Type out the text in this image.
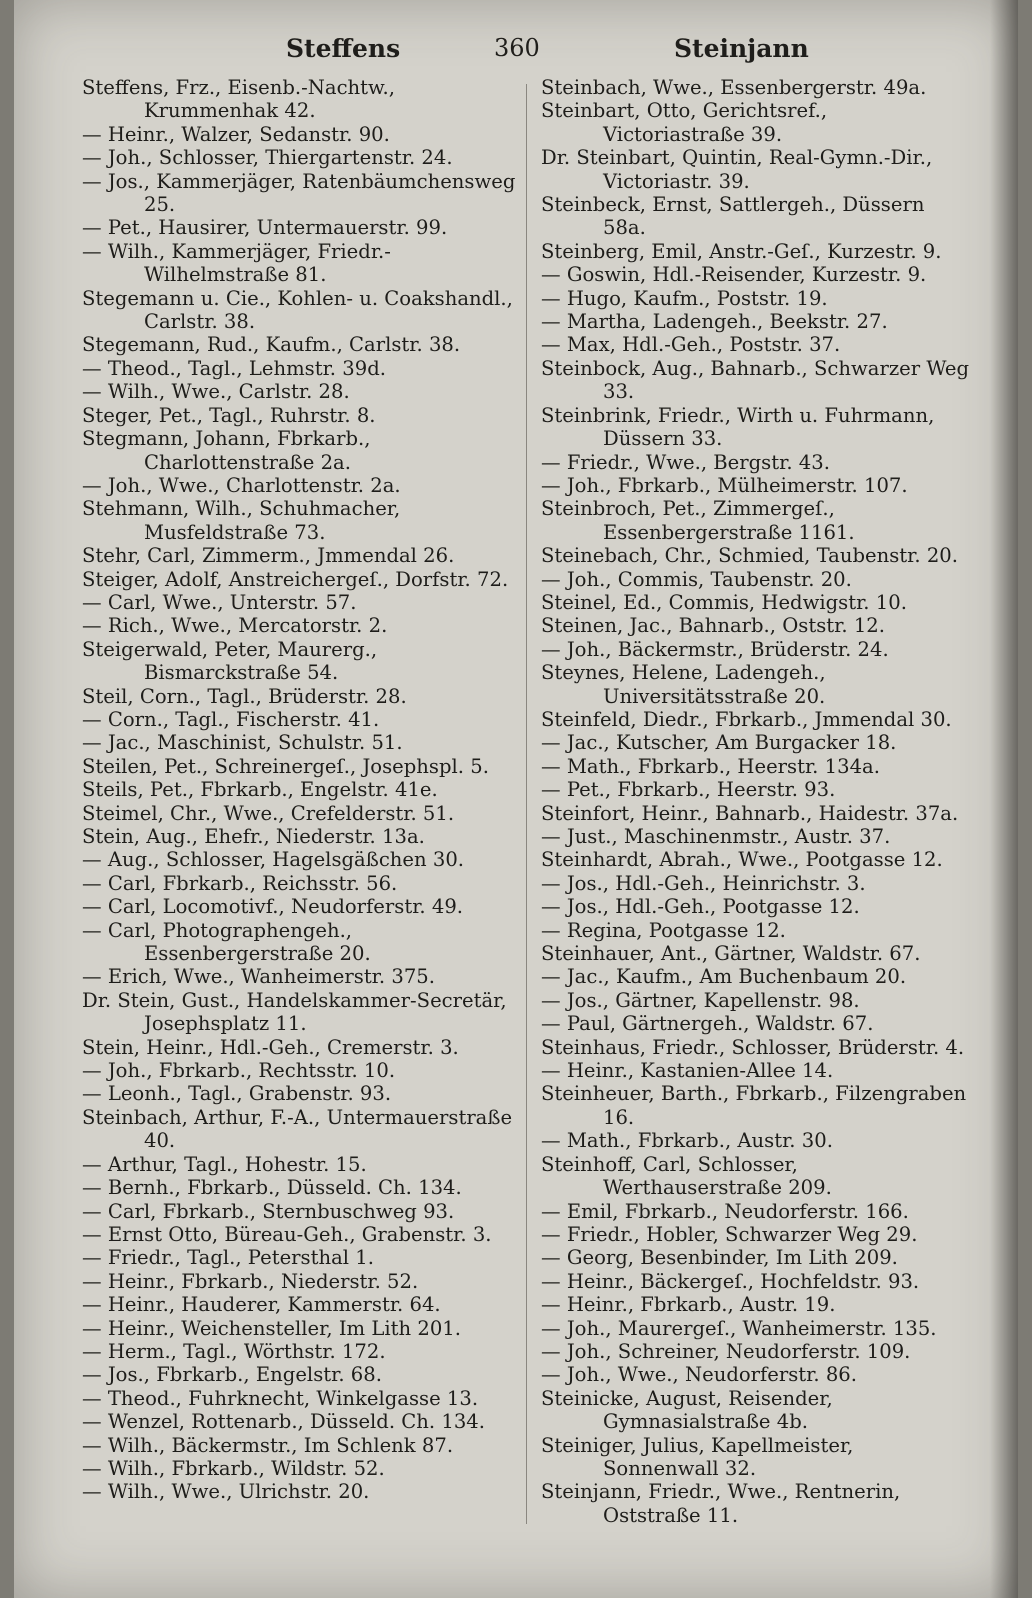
Steffens	360	Steinjann

Steffens, Frz., Eisenb.-Nachtw., Krummenhak 42.

— Heinr., Walzer, Sedanstr. 90.

— Joh., Schlosser, Thiergartenstr. 24.

— Jos., Kammerjäger, Ratenbäumchensweg 25.

— Pet., Hausirer, Untermauerstr. 99.

— Wilh., Kammerjäger, Friedr.-Wilhelmstraße 81.

Stegemann u. Cie., Kohlen- u. Coakshandl., Carlstr. 38.

Stegemann, Rud., Kaufm., Carlstr. 38.

— Theod., Tagl., Lehmstr. 39d.

— Wilh., Wwe., Carlstr. 28.

Steger, Pet., Tagl., Ruhrstr. 8.

Stegmann, Johann, Fbrkarb., Charlottenstraße 2a.

— Joh., Wwe., Charlottenstr. 2a.

Stehmann, Wilh., Schuhmacher, Musfeldstraße 73.

Stehr, Carl, Zimmerm., Jmmendal 26.

Steiger, Adolf, Anstreichergeſ., Dorfstr. 72.

— Carl, Wwe., Unterstr. 57.

— Rich., Wwe., Mercatorstr. 2.

Steigerwald, Peter, Maurerg., Bismarckstraße 54.

Steil, Corn., Tagl., Brüderstr. 28.

— Corn., Tagl., Fischerstr. 41.

— Jac., Maschinist, Schulstr. 51.

Steilen, Pet., Schreinergeſ., Josephspl. 5.

Steils, Pet., Fbrkarb., Engelstr. 41e.

Steimel, Chr., Wwe., Crefelderstr. 51.

Stein, Aug., Ehefr., Niederstr. 13a.

— Aug., Schlosser, Hagelsgäßchen 30.

— Carl, Fbrkarb., Reichsstr. 56.

— Carl, Locomotivf., Neudorferstr. 49.

— Carl, Photographengeh., Essenbergerstraße 20.

— Erich, Wwe., Wanheimerstr. 375.

Dr. Stein, Gust., Handelskammer-Secretär, Josephsplatz 11.

Stein, Heinr., Hdl.-Geh., Cremerstr. 3.

— Joh., Fbrkarb., Rechtsstr. 10.

— Leonh., Tagl., Grabenstr. 93.

Steinbach, Arthur, F.-A., Untermauerstraße 40.

— Arthur, Tagl., Hohestr. 15.

— Bernh., Fbrkarb., Düsseld. Ch. 134.

— Carl, Fbrkarb., Sternbuschweg 93.

— Ernst Otto, Büreau-Geh., Grabenstr. 3.

— Friedr., Tagl., Petersthal 1.

— Heinr., Fbrkarb., Niederstr. 52.

— Heinr., Hauderer, Kammerstr. 64.

— Heinr., Weichensteller, Im Lith 201.

— Herm., Tagl., Wörthstr. 172.

— Jos., Fbrkarb., Engelstr. 68.

— Theod., Fuhrknecht, Winkelgasse 13.

— Wenzel, Rottenarb., Düsseld. Ch. 134.

— Wilh., Bäckermstr., Im Schlenk 87.

— Wilh., Fbrkarb., Wildstr. 52.

— Wilh., Wwe., Ulrichstr. 20.

Steinbach, Wwe., Essenbergerstr. 49a.

Steinbart, Otto, Gerichtsref., Victoriastraße 39.

Dr. Steinbart, Quintin, Real-Gymn.-Dir., Victoriastr. 39.

Steinbeck, Ernst, Sattlergeh., Düssern 58a.

Steinberg, Emil, Anstr.-Geſ., Kurzestr. 9.

— Goswin, Hdl.-Reisender, Kurzestr. 9.

— Hugo, Kaufm., Poststr. 19.

— Martha, Ladengeh., Beekstr. 27.

— Max, Hdl.-Geh., Poststr. 37.

Steinbock, Aug., Bahnarb., Schwarzer Weg 33.

Steinbrink, Friedr., Wirth u. Fuhrmann, Düssern 33.

— Friedr., Wwe., Bergstr. 43.

— Joh., Fbrkarb., Mülheimerstr. 107.

Steinbroch, Pet., Zimmergeſ., Essenbergerstraße 1161.

Steinebach, Chr., Schmied, Taubenstr. 20.

— Joh., Commis, Taubenstr. 20.

Steinel, Ed., Commis, Hedwigstr. 10.

Steinen, Jac., Bahnarb., Oststr. 12.

— Joh., Bäckermstr., Brüderstr. 24.

Steynes, Helene, Ladengeh., Universitätsstraße 20.

Steinfeld, Diedr., Fbrkarb., Jmmendal 30.

— Jac., Kutscher, Am Burgacker 18.

— Math., Fbrkarb., Heerstr. 134a.

— Pet., Fbrkarb., Heerstr. 93.

Steinfort, Heinr., Bahnarb., Haidestr. 37a.

— Just., Maschinenmstr., Austr. 37.

Steinhardt, Abrah., Wwe., Pootgasse 12.

— Jos., Hdl.-Geh., Heinrichstr. 3.

— Jos., Hdl.-Geh., Pootgasse 12.

— Regina, Pootgasse 12.

Steinhauer, Ant., Gärtner, Waldstr. 67.

— Jac., Kaufm., Am Buchenbaum 20.

— Jos., Gärtner, Kapellenstr. 98.

— Paul, Gärtnergeh., Waldstr. 67.

Steinhaus, Friedr., Schlosser, Brüderstr. 4.

— Heinr., Kastanien-Allee 14.

Steinheuer, Barth., Fbrkarb., Filzengraben 16.

— Math., Fbrkarb., Austr. 30.

Steinhoff, Carl, Schlosser, Werthauserstraße 209.

— Emil, Fbrkarb., Neudorferstr. 166.

— Friedr., Hobler, Schwarzer Weg 29.

— Georg, Besenbinder, Im Lith 209.

— Heinr., Bäckergeſ., Hochfeldstr. 93.

— Heinr., Fbrkarb., Austr. 19.

— Joh., Maurergeſ., Wanheimerstr. 135.

— Joh., Schreiner, Neudorferstr. 109.

— Joh., Wwe., Neudorferstr. 86.

Steinicke, August, Reisender, Gymnasialstraße 4b.

Steiniger, Julius, Kapellmeister, Sonnenwall 32.

Steinjann, Friedr., Wwe., Rentnerin, Oststraße 11.
